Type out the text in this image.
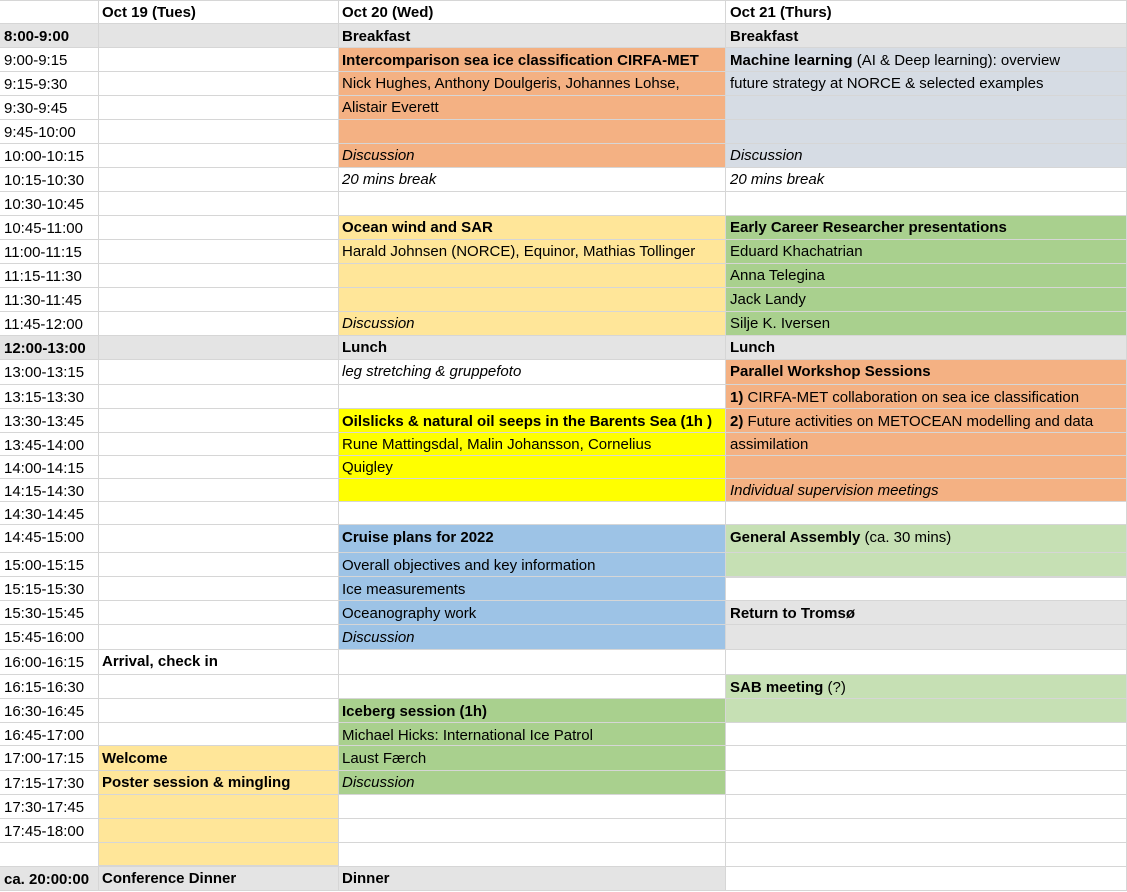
Oct 19 (Tues)	Oct 20 (Wed)	Oct 21 (Thurs)
8:00-9:00
9:00-9:15
9:15-9:30
9:30-9:45
9:45-10:00
10:00-10:15
10:15-10:30
10:30-10:45
10:45-11:00
11:00-11:15
11:15-11:30
11:30-11:45
11:45-12:00
12:00-13:00
13:00-13:15
13:15-13:30
13:30-13:45
13:45-14:00
14:00-14:15
14:15-14:30
14:30-14:45
14:45-15:00
15:00-15:15
15:15-15:30
15:30-15:45
15:45-16:00
16:00-16:15
16:15-16:30
16:30-16:45
16:45-17:00
17:00-17:15
17:15-17:30
17:30-17:45
17:45-18:00
ca. 20:00:00
Arrival, check in
Welcome
Poster session & mingling
Conference Dinner
Breakfast
Intercomparison sea ice classification CIRFA-MET
Nick Hughes, Anthony Doulgeris, Johannes Lohse,
Alistair Everett
Discussion
20 mins break
Ocean wind and SAR
Harald Johnsen (NORCE), Equinor, Mathias Tollinger
Discussion
Lunch
leg stretching & gruppefoto
Oilslicks & natural oil seeps in the Barents Sea (1h )
Rune Mattingsdal, Malin Johansson, Cornelius
Quigley
Cruise plans for 2022
Overall objectives and key information
Ice measurements
Oceanography work
Discussion
Iceberg session (1h)
Michael Hicks: International Ice Patrol
Laust Færch
Discussion
Dinner
Breakfast
Machine learning (AI & Deep learning): overview
future strategy at NORCE & selected examples
Discussion
20 mins break
Early Career Researcher presentations
Eduard Khachatrian
Anna Telegina
Jack Landy
Silje K. Iversen
Lunch
Parallel Workshop Sessions
1) CIRFA-MET collaboration on sea ice classification
2) Future activities on METOCEAN modelling and data
assimilation
Individual supervision meetings
General Assembly (ca. 30 mins)
Return to Tromsø
SAB meeting (?)
